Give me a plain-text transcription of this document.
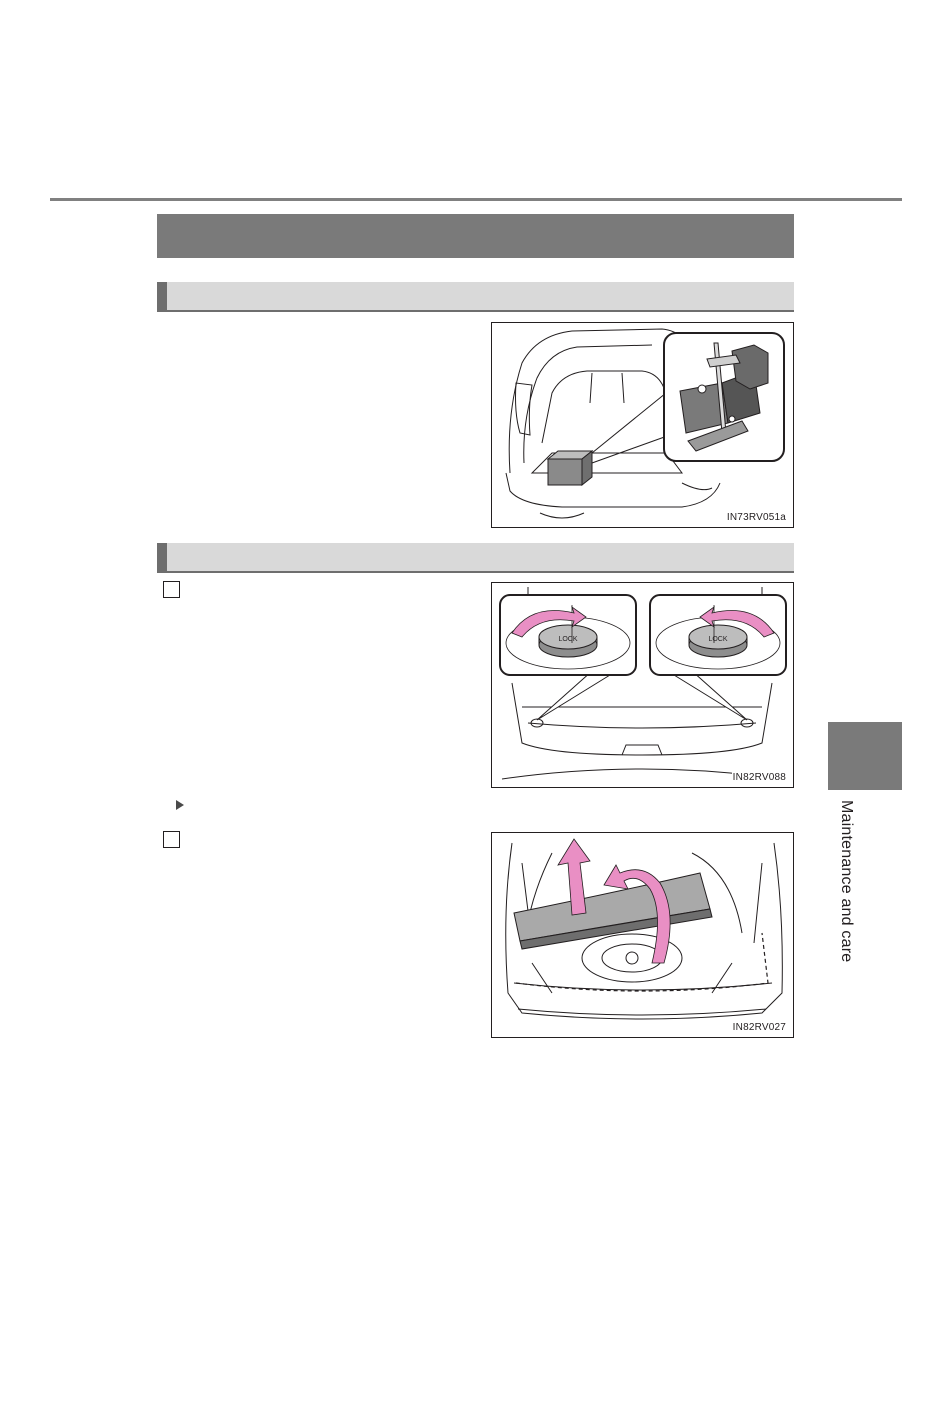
IN73RV051a
LOCK	LOCK
IN82RV088
IN82RV027
Maintenance and care
